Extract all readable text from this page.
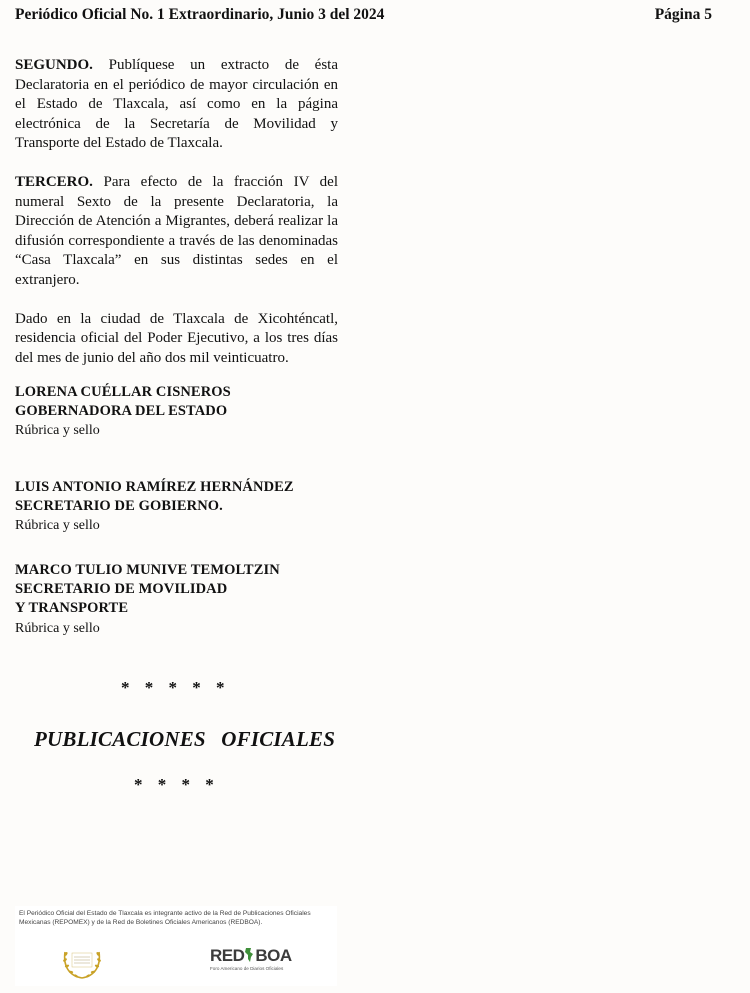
Periódico Oficial No. 1 Extraordinario, Junio 3 del 2024	Página 5

SEGUNDO. Publíquese un extracto de ésta Declaratoria en el periódico de mayor circulación en el Estado de Tlaxcala, así como en la página electrónica de la Secretaría de Movilidad y Transporte del Estado de Tlaxcala.

TERCERO. Para efecto de la fracción IV del numeral Sexto de la presente Declaratoria, la Dirección de Atención a Migrantes, deberá realizar la difusión correspondiente a través de las denominadas “Casa Tlaxcala” en sus distintas sedes en el extranjero.

Dado en la ciudad de Tlaxcala de Xicohténcatl, residencia oficial del Poder Ejecutivo, a los tres días del mes de junio del año dos mil veinticuatro.

LORENA CUÉLLAR CISNEROS
GOBERNADORA DEL ESTADO
Rúbrica y sello
LUIS ANTONIO RAMÍREZ HERNÁNDEZ
SECRETARIO DE GOBIERNO.
Rúbrica y sello
MARCO TULIO MUNIVE TEMOLTZIN
SECRETARIO DE MOVILIDAD
Y TRANSPORTE
Rúbrica y sello
* * * * *
PUBLICACIONES OFICIALES
* * * *
El Periódico Oficial del Estado de Tlaxcala es integrante activo de la Red de Publicaciones Oficiales Mexicanas (REPOMEX) y de la Red de Boletines Oficiales Americanos (REDBOA).
RED BOA
Foro Americano de Diarios Oficiales
